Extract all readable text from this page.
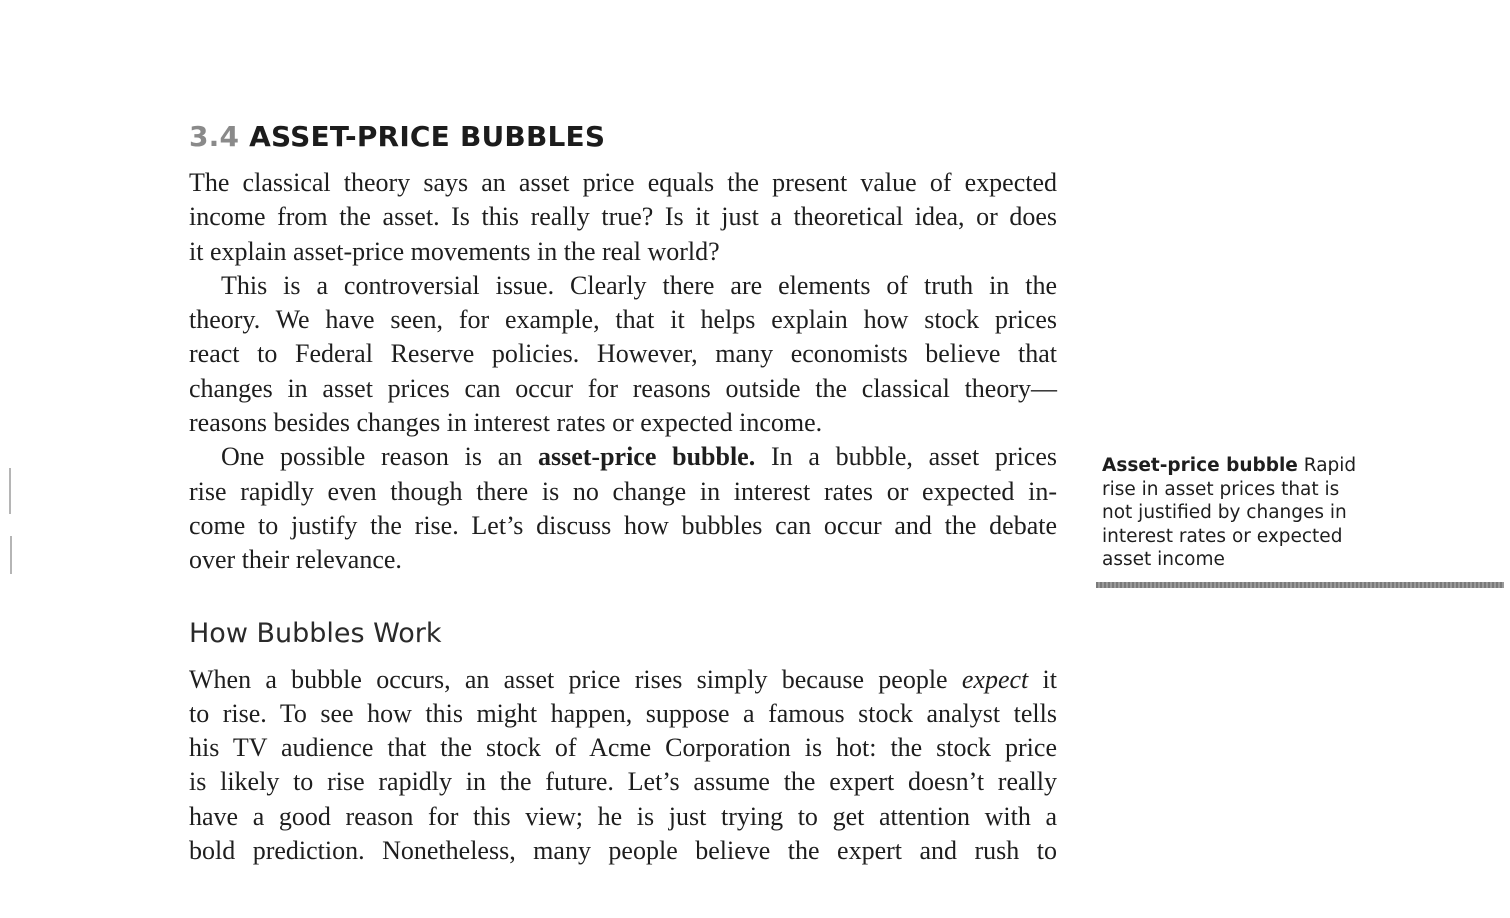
3.4 ASSET-PRICE BUBBLES

The classical theory says an asset price equals the present value of expected

income from the asset. Is this really true? Is it just a theoretical idea, or does

it explain asset-price movements in the real world?

This is a controversial issue. Clearly there are elements of truth in the

theory. We have seen, for example, that it helps explain how stock prices

react to Federal Reserve policies. However, many economists believe that

changes in asset prices can occur for reasons outside the classical theory—

reasons besides changes in interest rates or expected income.

One possible reason is an asset-price bubble. In a bubble, asset prices

rise rapidly even though there is no change in interest rates or expected in-

come to justify the rise. Let’s discuss how bubbles can occur and the debate

over their relevance.

How Bubbles Work

When a bubble occurs, an asset price rises simply because people expect it

to rise. To see how this might happen, suppose a famous stock analyst tells

his TV audience that the stock of Acme Corporation is hot: the stock price

is likely to rise rapidly in the future. Let’s assume the expert doesn’t really

have a good reason for this view; he is just trying to get attention with a

bold prediction. Nonetheless, many people believe the expert and rush to

Asset-price bubble Rapid
rise in asset prices that is
not justified by changes in
interest rates or expected
asset income
